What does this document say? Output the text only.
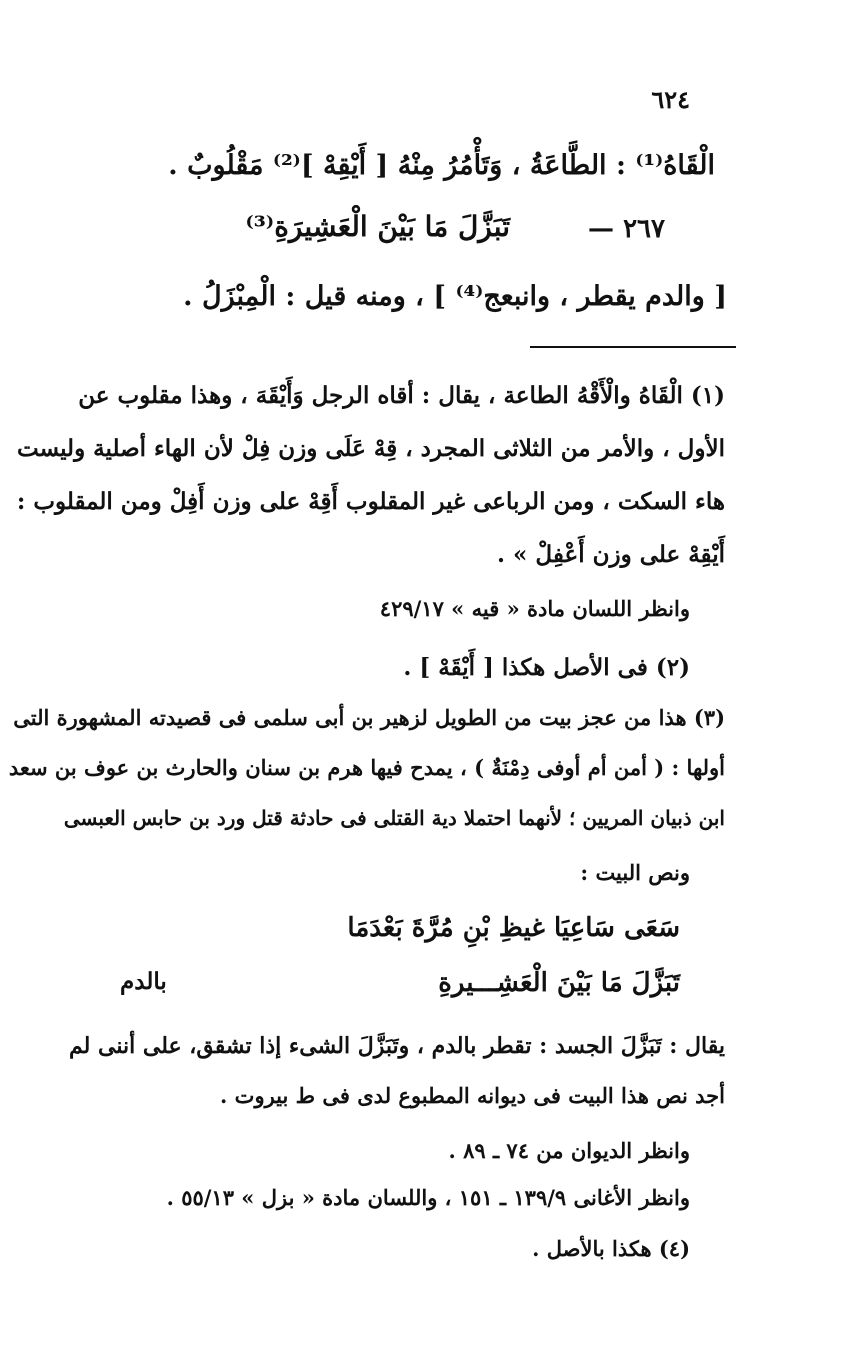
٦٢٤
الْقَاهُ⁽¹⁾ : الطَّاعَةُ ، وَتَأْمُرُ مِنْهُ [ أَيْقِهْ ]⁽²⁾ مَقْلُوبٌ .
٢٦٧ —
تَبَزَّلَ مَا بَيْنَ الْعَشِيرَةِ⁽³⁾
[ والدم يقطر ، وانبعج⁽⁴⁾ ] ، ومنه قيل : الْمِبْزَلُ .
(١) الْقَاهُ والْأَقْهُ الطاعة ، يقال : أقاه الرجل وَأَيْقَهَ ، وهذا مقلوب عن
الأول ، والأمر من الثلاثى المجرد ، قِهْ عَلَى وزن فِلْ لأن الهاء أصلية وليست
هاء السكت ، ومن الرباعى غير المقلوب أَقِهْ على وزن أَفِلْ ومن المقلوب :
أَيْقِهْ على وزن أَعْفِلْ » .
وانظر اللسان مادة « قيه » ٤٢٩/١٧
(٢) فى الأصل هكذا [ أَيْقَهْ ] .
(٣) هذا من عجز بيت من الطويل لزهير بن أبى سلمى فى قصيدته المشهورة التى
أولها : ( أمن أم أوفى دِمْنَةٌ ) ، يمدح فيها هرم بن سنان والحارث بن عوف بن سعد
ابن ذبيان المريين ؛ لأنهما احتملا دية القتلى فى حادثة قتل ورد بن حابس العبسى
ونص البيت :
سَعَى سَاعِيَا غيظِ بْنِ مُرَّةَ بَعْدَمَا
تَبَزَّلَ مَا بَيْنَ الْعَشِـــيرةِ
بالدم
يقال : تَبَزَّلَ الجسد : تقطر بالدم ، وتَبَزَّلَ الشىء إذا تشقق، على أننى لم
أجد نص هذا البيت فى ديوانه المطبوع لدى فى ط بيروت .
وانظر الديوان من ٧٤ ـ ٨٩ .
وانظر الأغانى ١٣٩/٩ ـ ١٥١ ، واللسان مادة « بزل » ٥٥/١٣ .
(٤) هكذا بالأصل .
